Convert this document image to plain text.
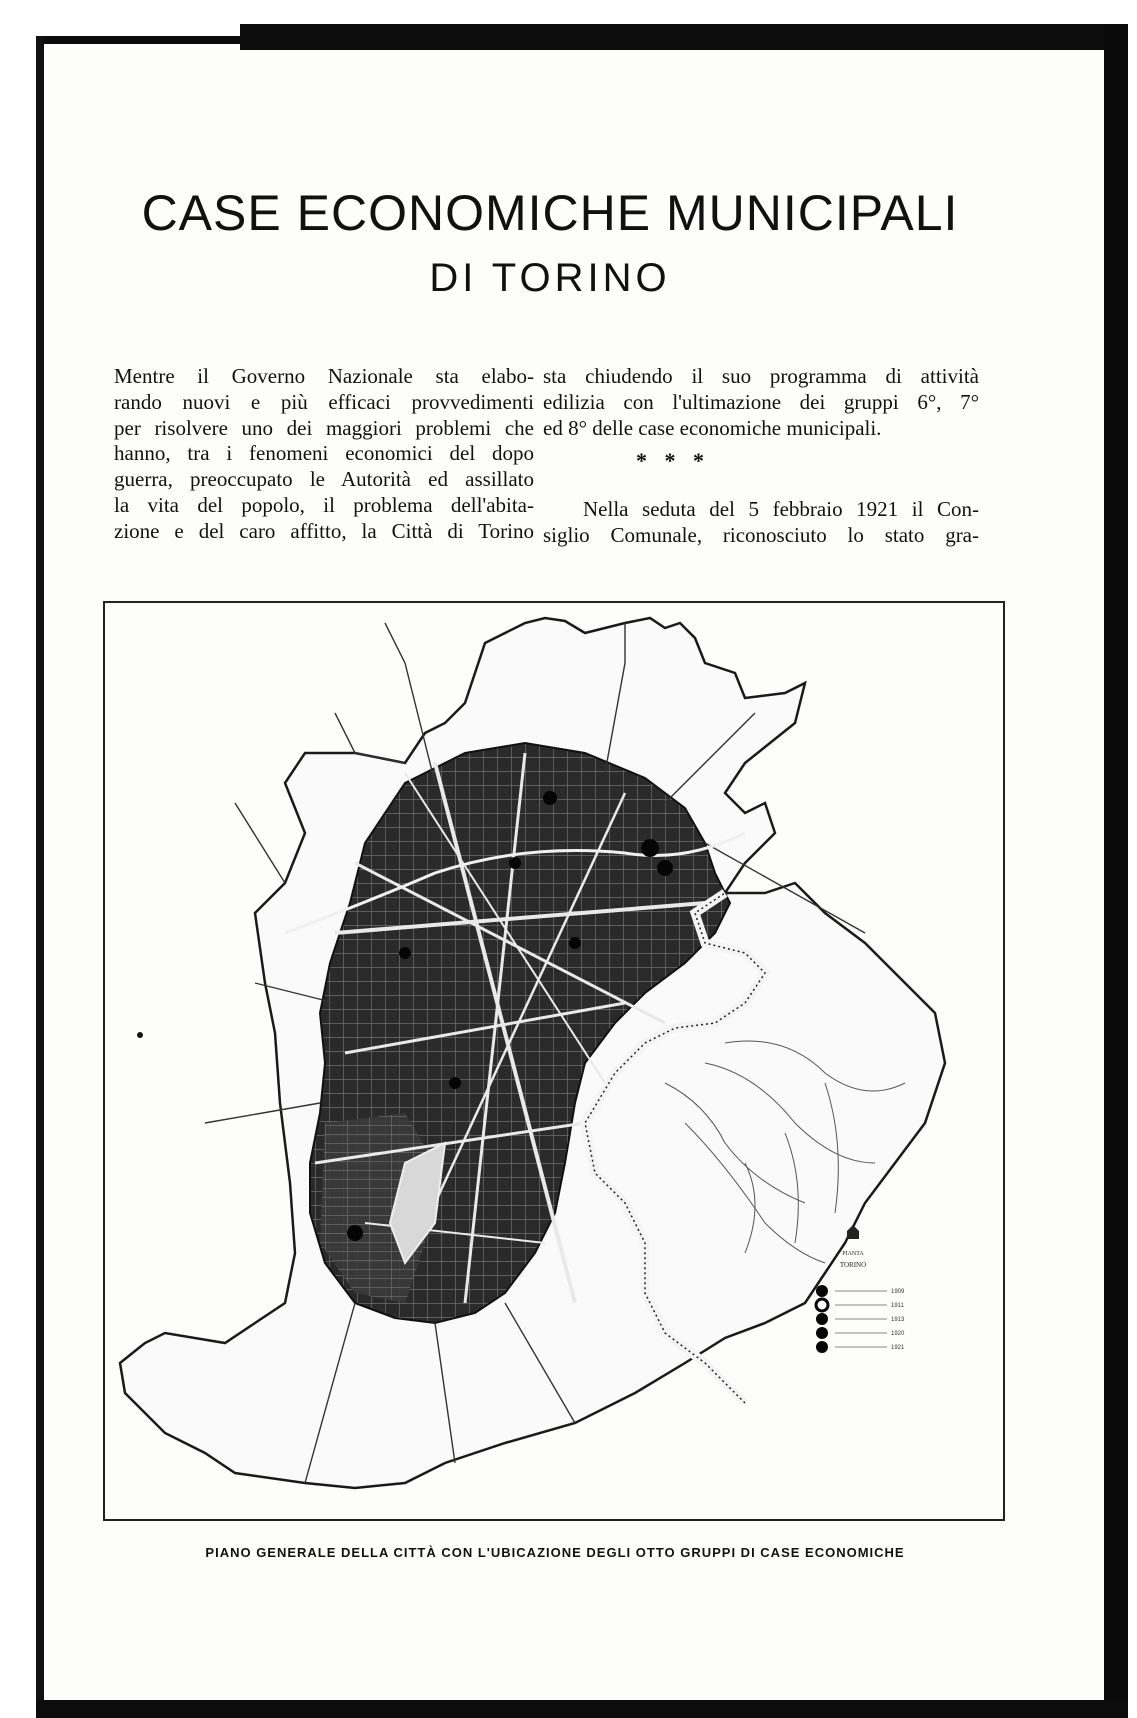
CASE ECONOMICHE MUNICIPALI
DI TORINO
Mentre il Governo Nazionale sta elabo-
rando nuovi e più efficaci provvedimenti
per risolvere uno dei maggiori problemi che
hanno, tra i fenomeni economici del dopo
guerra, preoccupato le Autorità ed assillato
la vita del popolo, il problema dell'abita-
zione e del caro affitto, la Città di Torino
sta chiudendo il suo programma di attività
edilizia con l'ultimazione dei gruppi 6°, 7°
ed 8° delle case economiche municipali.
* * *
Nella seduta del 5 febbraio 1921 il Con-
siglio Comunale, riconosciuto lo stato gra-
PIANTA
TORINO
1909
1911
1913
1920
1921
PIANO GENERALE DELLA CITTÀ CON L'UBICAZIONE DEGLI OTTO GRUPPI DI CASE ECONOMICHE
